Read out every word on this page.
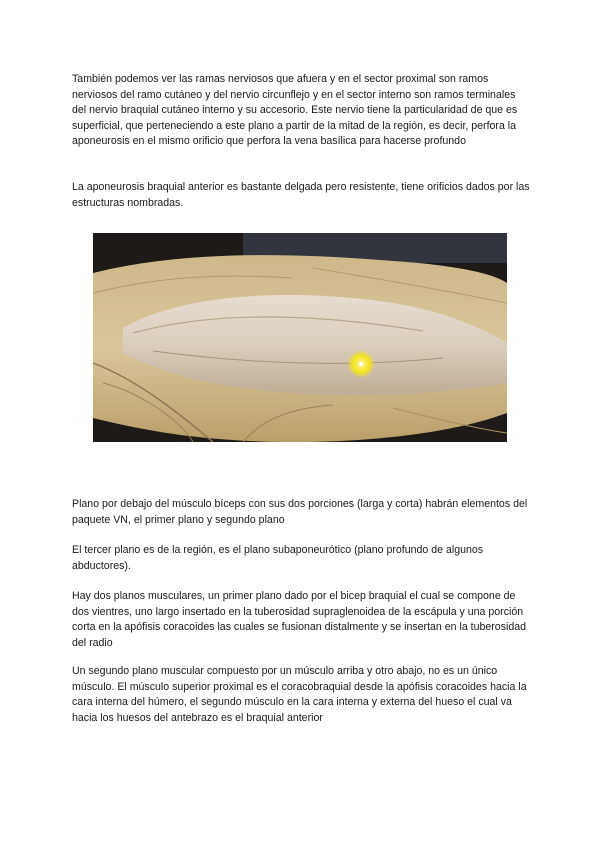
También podemos ver las ramas nerviosos que afuera y en el sector proximal son ramos nerviosos del ramo cutáneo y del nervio circunflejo y en el sector interno son ramos terminales del nervio braquial cutáneo interno y su accesorio. Este nervio tiene la particularidad de que es superficial, que perteneciendo a este plano a partir de la mitad de la región, es decir, perfora la aponeurosis en el mismo orificio que perfora la vena basílica para hacerse profundo

La aponeurosis braquial anterior es bastante delgada pero resistente, tiene orificios dados por las estructuras nombradas.

Plano por debajo del músculo bíceps con sus dos porciones (larga y corta) habrán elementos del paquete VN, el primer plano y segundo plano

El tercer plano es de la región, es el plano subaponeurótico (plano profundo de algunos abductores).

Hay dos planos musculares, un primer plano dado por el bicep braquial el cual se compone de dos vientres, uno largo insertado en la tuberosidad supraglenoidea de la escápula y una porción corta en la apófisis coracoides las cuales se fusionan distalmente y se insertan en la tuberosidad del radio

Un segundo plano muscular compuesto por un músculo arriba y otro abajo, no es un único músculo. El músculo superior proximal es el coracobraquial desde la apófisis coracoides hacia la cara interna del húmero, el segundo músculo en la cara interna y externa del hueso el cual va hacia los huesos del antebrazo es el braquial anterior
